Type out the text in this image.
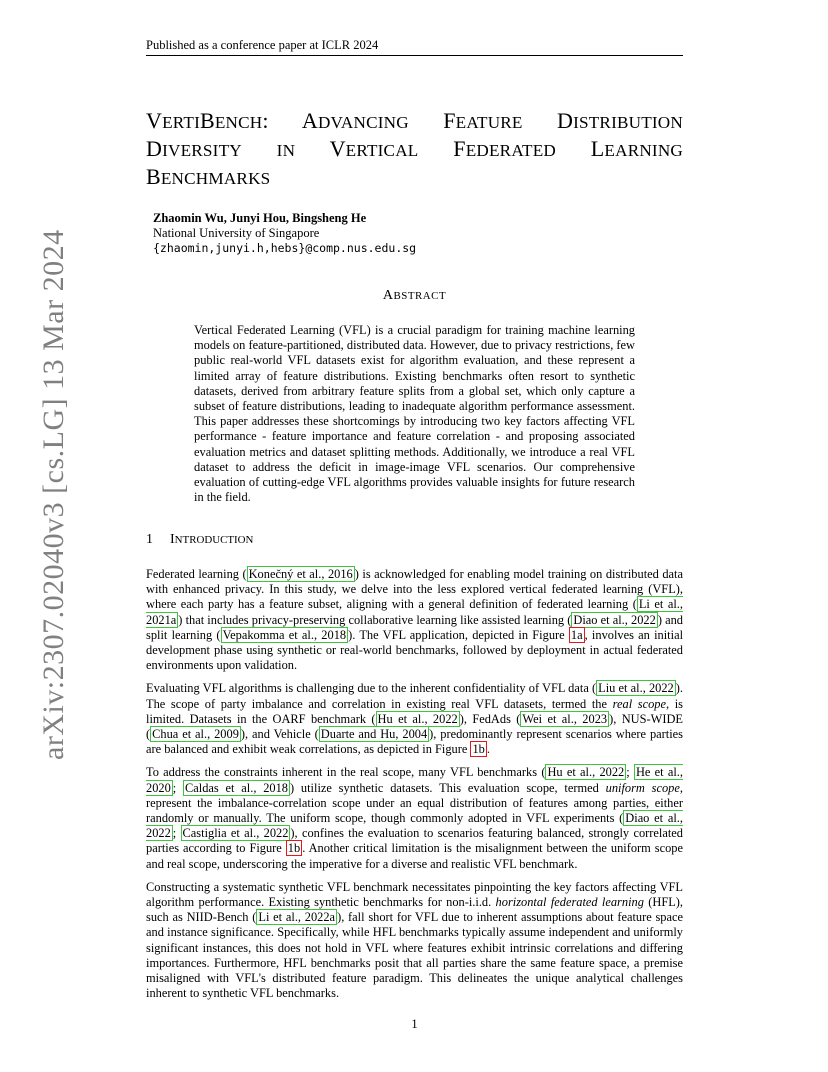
Published as a conference paper at ICLR 2024
arXiv:2307.02040v3 [cs.LG] 13 Mar 2024
VERTIBENCH: ADVANCING FEATURE DISTRIBUTION
DIVERSITY IN VERTICAL FEDERATED LEARNING
BENCHMARKS
Zhaomin Wu, Junyi Hou, Bingsheng He
National University of Singapore
{zhaomin,junyi.h,hebs}@comp.nus.edu.sg
ABSTRACT
Vertical Federated Learning (VFL) is a crucial paradigm for training machine learning models on feature-partitioned, distributed data. However, due to privacy restrictions, few public real-world VFL datasets exist for algorithm evaluation, and these represent a limited array of feature distributions. Existing benchmarks often resort to synthetic datasets, derived from arbitrary feature splits from a global set, which only capture a subset of feature distributions, leading to inadequate algorithm performance assessment. This paper addresses these shortcomings by introducing two key factors affecting VFL performance - feature importance and feature correlation - and proposing associated evaluation metrics and dataset splitting methods. Additionally, we introduce a real VFL dataset to address the deficit in image-image VFL scenarios. Our comprehensive evaluation of cutting-edge VFL algorithms provides valuable insights for future research in the field.
1 INTRODUCTION

Federated learning ( Konečný et al., 2016 ) is acknowledged for enabling model training on distributed data with enhanced privacy. In this study, we delve into the less explored vertical federated learning (VFL), where each party has a feature subset, aligning with a general definition of federated learning ( Li et al., 2021a ) that includes privacy-preserving collaborative learning like assisted learning ( Diao et al., 2022 ) and split learning ( Vepakomma et al., 2018 ). The VFL application, depicted in Figure 1a , involves an initial development phase using synthetic or real-world benchmarks, followed by deployment in actual federated environments upon validation.

Evaluating VFL algorithms is challenging due to the inherent confidentiality of VFL data ( Liu et al., 2022 ). The scope of party imbalance and correlation in existing real VFL datasets, termed the real scope, is limited. Datasets in the OARF benchmark ( Hu et al., 2022 ), FedAds ( Wei et al., 2023 ), NUS-WIDE ( Chua et al., 2009 ), and Vehicle ( Duarte and Hu, 2004 ), predominantly represent scenarios where parties are balanced and exhibit weak correlations, as depicted in Figure 1b .

To address the constraints inherent in the real scope, many VFL benchmarks ( Hu et al., 2022 ; He et al., 2020 ; Caldas et al., 2018 ) utilize synthetic datasets. This evaluation scope, termed uniform scope, represent the imbalance-correlation scope under an equal distribution of features among parties, either randomly or manually. The uniform scope, though commonly adopted in VFL experiments ( Diao et al., 2022 ; Castiglia et al., 2022 ), confines the evaluation to scenarios featuring balanced, strongly correlated parties according to Figure 1b . Another critical limitation is the misalignment between the uniform scope and real scope, underscoring the imperative for a diverse and realistic VFL benchmark.

Constructing a systematic synthetic VFL benchmark necessitates pinpointing the key factors affecting VFL algorithm performance. Existing synthetic benchmarks for non-i.i.d. horizontal federated learning (HFL), such as NIID-Bench ( Li et al., 2022a ), fall short for VFL due to inherent assumptions about feature space and instance significance. Specifically, while HFL benchmarks typically assume independent and uniformly significant instances, this does not hold in VFL where features exhibit intrinsic correlations and differing importances. Furthermore, HFL benchmarks posit that all parties share the same feature space, a premise misaligned with VFL's distributed feature paradigm. This delineates the unique analytical challenges inherent to synthetic VFL benchmarks.

1
